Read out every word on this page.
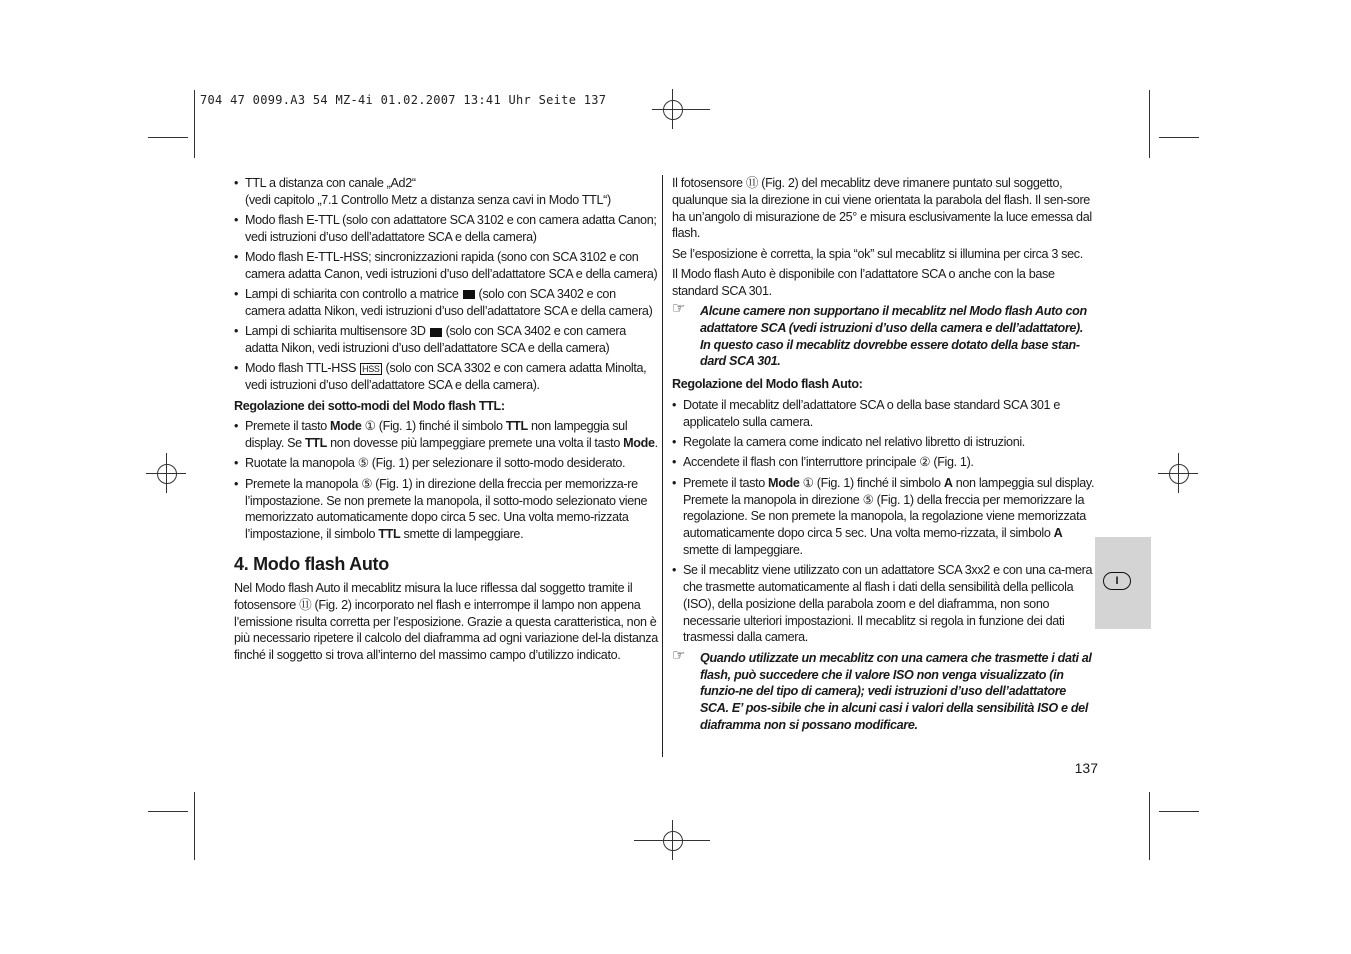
704 47 0099.A3 54 MZ-4i 01.02.2007 13:41 Uhr Seite 137
• TTL a distanza con canale „Ad2“
(vedi capitolo „7.1 Controllo Metz a distanza senza cavi in Modo TTL“)
• Modo flash E-TTL (solo con adattatore SCA 3102 e con camera adatta Canon; vedi istruzioni d’uso dell’adattatore SCA e della camera)
• Modo flash E-TTL-HSS; sincronizzazioni rapida (sono con SCA 3102 e con camera adatta Canon, vedi istruzioni d’uso dell’adattatore SCA e della camera)
• Lampi di schiarita con controllo a matrice (solo con SCA 3402 e con camera adatta Nikon, vedi istruzioni d’uso dell’adattatore SCA e della camera)
• Lampi di schiarita multisensore 3D (solo con SCA 3402 e con camera adatta Nikon, vedi istruzioni d’uso dell’adattatore SCA e della camera)
• Modo flash TTL-HSS HSS (solo con SCA 3302 e con camera adatta Minolta, vedi istruzioni d’uso dell’adattatore SCA e della camera).
Regolazione dei sotto-modi del Modo flash TTL:
• Premete il tasto Mode ① (Fig. 1) finché il simbolo TTL non lampeggia sul display. Se TTL non dovesse più lampeggiare premete una volta il tasto Mode.
• Ruotate la manopola ⑤ (Fig. 1) per selezionare il sotto-modo desiderato.
• Premete la manopola ⑤ (Fig. 1) in direzione della freccia per memorizza-re l’impostazione. Se non premete la manopola, il sotto-modo selezionato viene memorizzato automaticamente dopo circa 5 sec. Una volta memo-rizzata l’impostazione, il simbolo TTL smette di lampeggiare.
4. Modo flash Auto
Nel Modo flash Auto il mecablitz misura la luce riflessa dal soggetto tramite il fotosensore ⑪ (Fig. 2) incorporato nel flash e interrompe il lampo non appena l’emissione risulta corretta per l’esposizione. Grazie a questa caratteristica, non è più necessario ripetere il calcolo del diaframma ad ogni variazione del-la distanza finché il soggetto si trova all’interno del massimo campo d’utilizzo indicato.
Il fotosensore ⑪ (Fig. 2) del mecablitz deve rimanere puntato sul soggetto, qualunque sia la direzione in cui viene orientata la parabola del flash. Il sen-sore ha un’angolo di misurazione de 25° e misura esclusivamente la luce emessa dal flash.
Se l’esposizione è corretta, la spia “ok” sul mecablitz si illumina per circa 3 sec.
Il Modo flash Auto è disponibile con l’adattatore SCA o anche con la base standard SCA 301.
☞ Alcune camere non supportano il mecablitz nel Modo flash Auto con adattatore SCA (vedi istruzioni d’uso della camera e dell’adattatore). In questo caso il mecablitz dovrebbe essere dotato della base stan-dard SCA 301.
Regolazione del Modo flash Auto:
• Dotate il mecablitz dell’adattatore SCA o della base standard SCA 301 e applicatelo sulla camera.
• Regolate la camera come indicato nel relativo libretto di istruzioni.
• Accendete il flash con l’interruttore principale ② (Fig. 1).
• Premete il tasto Mode ① (Fig. 1) finché il simbolo A non lampeggia sul display. Premete la manopola in direzione ⑤ (Fig. 1) della freccia per memorizzare la regolazione. Se non premete la manopola, la regolazione viene memorizzata automaticamente dopo circa 5 sec. Una volta memo-rizzata, il simbolo A smette di lampeggiare.
• Se il mecablitz viene utilizzato con un adattatore SCA 3xx2 e con una ca-mera che trasmette automaticamente al flash i dati della sensibilità della pellicola (ISO), della posizione della parabola zoom e del diaframma, non sono necessarie ulteriori impostazioni. Il mecablitz si regola in funzione dei dati trasmessi dalla camera.
☞ Quando utilizzate un mecablitz con una camera che trasmette i dati al flash, può succedere che il valore ISO non venga visualizzato (in funzio-ne del tipo di camera); vedi istruzioni d’uso dell’adattatore SCA. E’ pos-sibile che in alcuni casi i valori della sensibilità ISO e del diaframma non si possano modificare.
I
137
